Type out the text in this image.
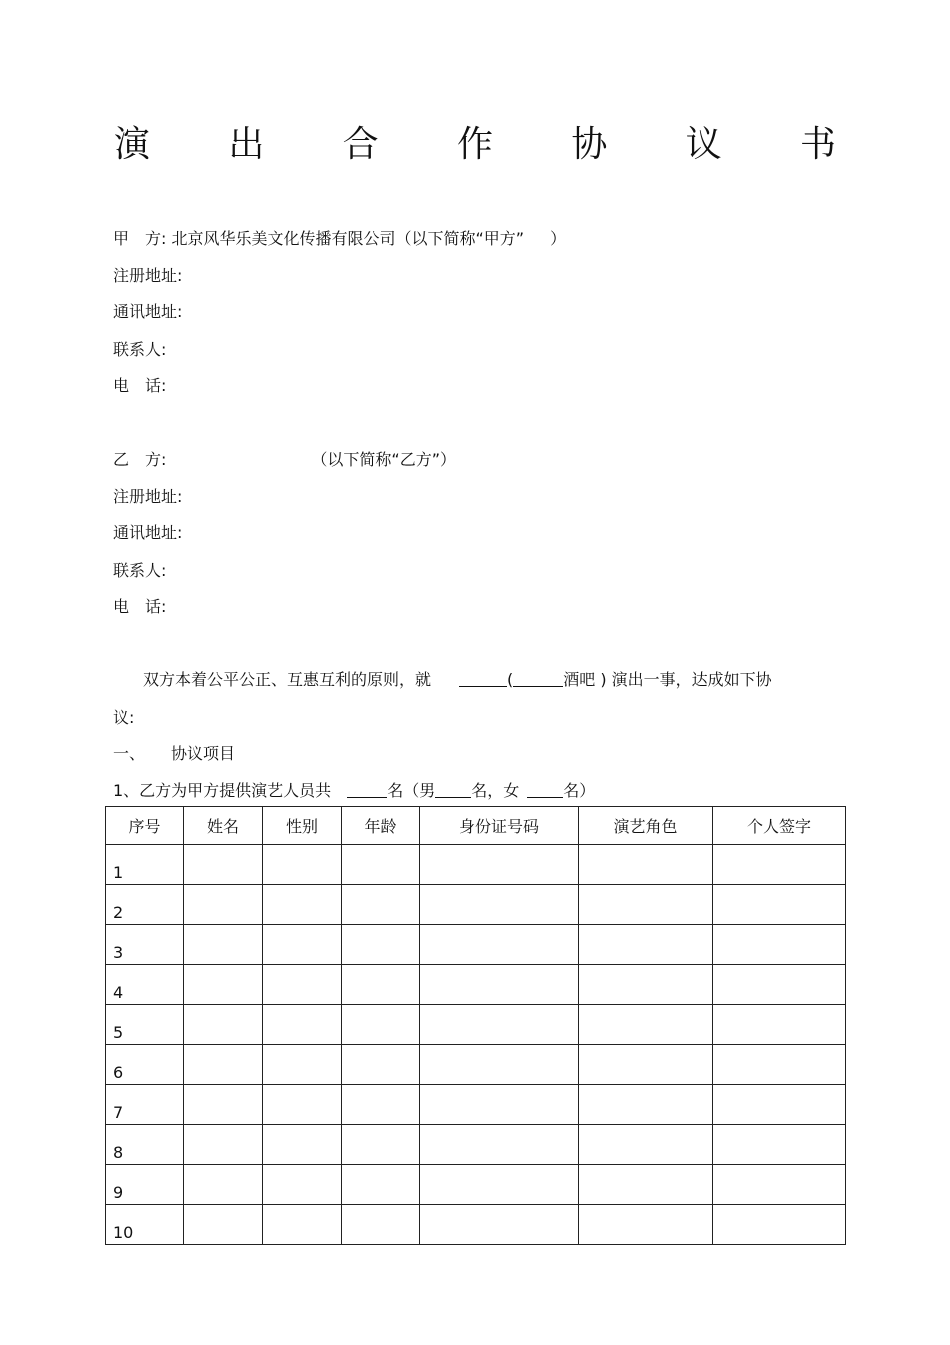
演 出 合 作 协 议 书
甲　方: 北京风华乐美文化传播有限公司（以下简称“甲方” ）
注册地址:
通讯地址:
联系人:
电　话:
乙　方:	（以下简称“乙方”）
注册地址:
通讯地址:
联系人:
电　话:
双方本着公平公正、互惠互利的原则，就	(	酒吧 ) 演出一事，达成如下协
议:
一、 协议项目
1、乙方为甲方提供演艺人员共	名（男 名，女	名）
序号	姓名	性别	年龄	身份证号码	演艺角色	个人签字
1						
2						
3						
4						
5						
6						
7						
8						
9						
10						
